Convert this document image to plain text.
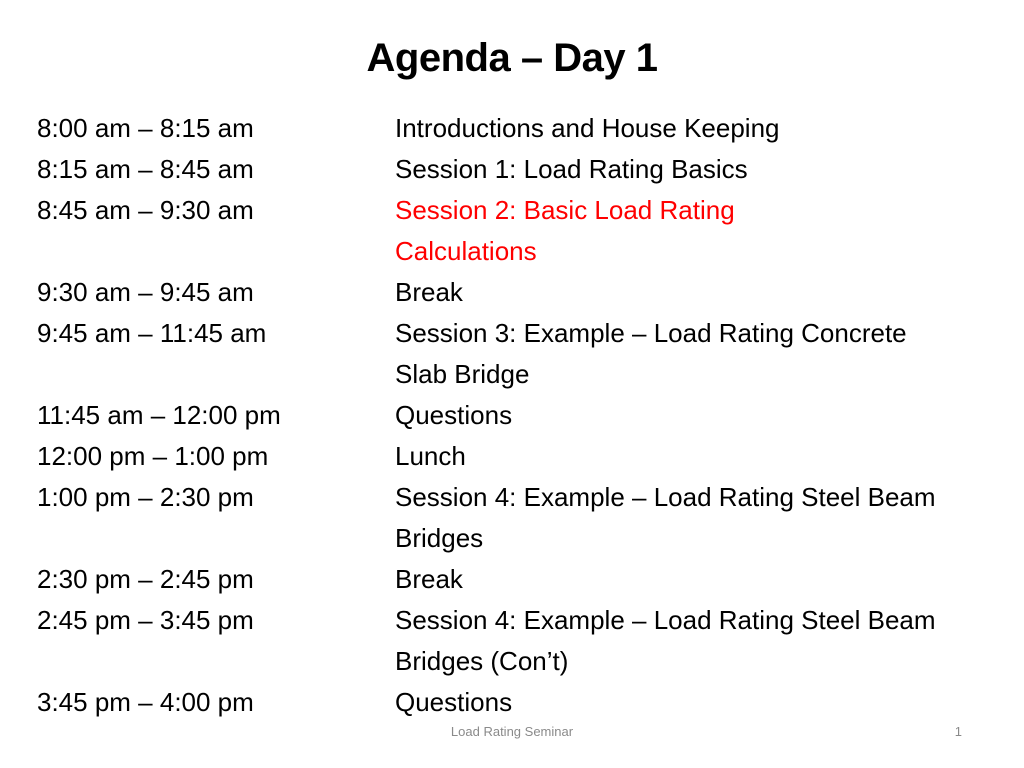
Agenda – Day 1
8:00 am – 8:15 am	Introductions and House Keeping
8:15 am – 8:45 am	Session 1: Load Rating Basics
8:45 am – 9:30 am	Session 2: Basic Load Rating
Calculations
9:30 am – 9:45 am	Break
9:45 am – 11:45 am	Session 3: Example – Load Rating Concrete
Slab Bridge
11:45 am – 12:00 pm	Questions
12:00 pm – 1:00 pm	Lunch
1:00 pm – 2:30 pm	Session 4: Example – Load Rating Steel Beam
Bridges
2:30 pm – 2:45 pm	Break
2:45 pm – 3:45 pm	Session 4: Example – Load Rating Steel Beam
Bridges (Con’t)
3:45 pm – 4:00 pm	Questions
Load Rating Seminar	1
